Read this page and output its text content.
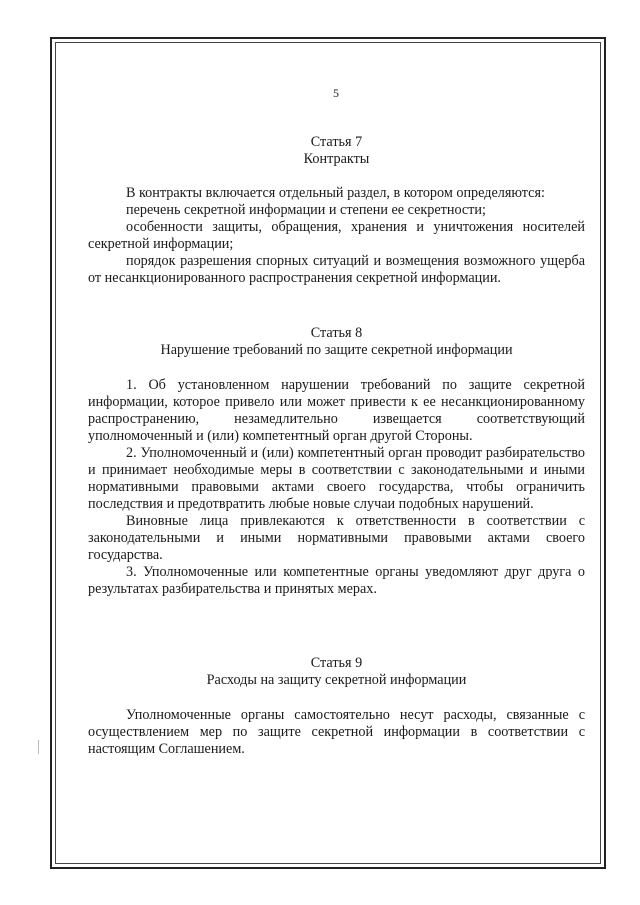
5
Статья 7
Контракты

В контракты включается отдельный раздел, в котором определяются:

перечень секретной информации и степени ее секретности;

особенности защиты, обращения, хранения и уничтожения носителей секретной информации;

порядок разрешения спорных ситуаций и возмещения возможного ущерба от несанкционированного распространения секретной информации.

Статья 8
Нарушение требований по защите секретной информации

1. Об установленном нарушении требований по защите секретной информации, которое привело или может привести к ее несанкционированному распространению, незамедлительно извещается соответствующий уполномоченный и (или) компетентный орган другой Стороны.

2. Уполномоченный и (или) компетентный орган проводит разбирательство и принимает необходимые меры в соответствии с законодательными и иными нормативными правовыми актами своего государства, чтобы ограничить последствия и предотвратить любые новые случаи подобных нарушений.

Виновные лица привлекаются к ответственности в соответствии с законодательными и иными нормативными правовыми актами своего государства.

3. Уполномоченные или компетентные органы уведомляют друг друга о результатах разбирательства и принятых мерах.

Статья 9
Расходы на защиту секретной информации

Уполномоченные органы самостоятельно несут расходы, связанные с осуществлением мер по защите секретной информации в соответствии с настоящим Соглашением.
